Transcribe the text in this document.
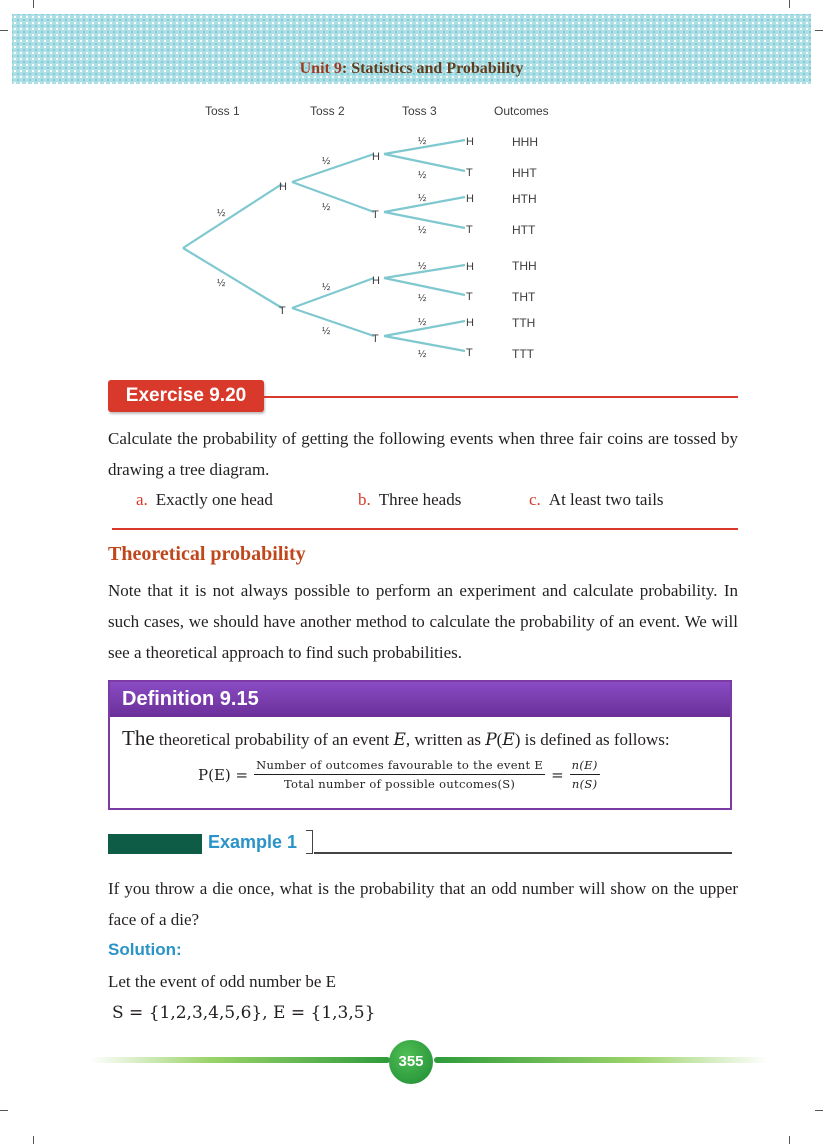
Unit 9: Statistics and Probability
Toss 1	Toss 2	Toss 3	Outcomes
H
T
H
T
H
T
H
T
H
T
H
T
H
T
½
½
½
½
½
½
½
½
½
½
½
½
½
½
HHH
HHT
HTH
HTT
THH
THT
TTH
TTT
Exercise 9.20
Calculate the probability of getting the following events when three fair coins are tossed by drawing a tree diagram.
a. Exactly one head	b. Three heads	c. At least two tails
Theoretical probability
Note that it is not always possible to perform an experiment and calculate probability. In such cases, we should have another method to calculate the probability of an event. We will see a theoretical approach to find such probabilities.
Definition 9.15
The theoretical probability of an event 𝐸, written as 𝑃(𝐸) is defined as follows:
$P(E) = \frac{\text{Number of outcomes favourable to the event E}}{\text{Total number of possible outcomes(S)}} = \frac{n(E)}{n(S)}$
Example 1
If you throw a die once, what is the probability that an odd number will show on the upper face of a die?
Solution:
Let the event of odd number be E
S = {1,2,3,4,5,6}, E = {1,3,5}
355
